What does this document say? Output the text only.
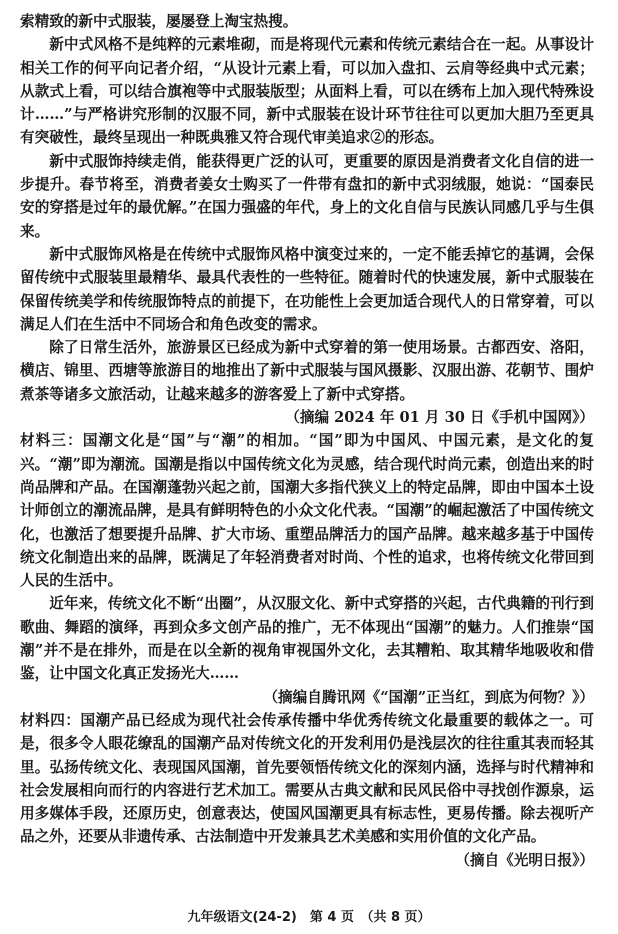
索精致的新中式服装，屡屡登上淘宝热搜。

新中式风格不是纯粹的元素堆砌，而是将现代元素和传统元素结合在一起。从事设计相关工作的何平向记者介绍，“从设计元素上看，可以加入盘扣、云肩等经典中式元素；从款式上看，可以结合旗袍等中式服装版型；从面料上看，可以在绣布上加入现代特殊设计……”与严格讲究形制的汉服不同，新中式服装在设计环节往往可以更加大胆乃至更具有突破性，最终呈现出一种既典雅又符合现代审美追求②的形态。

新中式服饰持续走俏，能获得更广泛的认可，更重要的原因是消费者文化自信的进一步提升。春节将至，消费者姜女士购买了一件带有盘扣的新中式羽绒服，她说：“国泰民安的穿搭是过年的最优解。”在国力强盛的年代，身上的文化自信与民族认同感几乎与生俱来。

新中式服饰风格是在传统中式服饰风格中演变过来的，一定不能丢掉它的基调，会保留传统中式服装里最精华、最具代表性的一些特征。随着时代的快速发展，新中式服装在保留传统美学和传统服饰特点的前提下，在功能性上会更加适合现代人的日常穿着，可以满足人们在生活中不同场合和角色改变的需求。

除了日常生活外，旅游景区已经成为新中式穿着的第一使用场景。古都西安、洛阳，横店、锦里、西塘等旅游目的地推出了新中式服装与国风摄影、汉服出游、花朝节、围炉煮茶等诸多文旅活动，让越来越多的游客爱上了新中式穿搭。

（摘编 2024 年 01 月 30 日《手机中国网》）

材料三：国潮文化是“国”与“潮”的相加。“国”即为中国风、中国元素，是文化的复兴。“潮”即为潮流。国潮是指以中国传统文化为灵感，结合现代时尚元素，创造出来的时尚品牌和产品。在国潮蓬勃兴起之前，国潮大多指代狭义上的特定品牌，即由中国本土设计师创立的潮流品牌，是具有鲜明特色的小众文化代表。“国潮”的崛起激活了中国传统文化，也激活了想要提升品牌、扩大市场、重塑品牌活力的国产品牌。越来越多基于中国传统文化制造出来的品牌，既满足了年轻消费者对时尚、个性的追求，也将传统文化带回到人民的生活中。

近年来，传统文化不断“出圈”，从汉服文化、新中式穿搭的兴起，古代典籍的刊行到歌曲、舞蹈的演绎，再到众多文创产品的推广，无不体现出“国潮”的魅力。人们推崇“国潮”并不是在排外，而是在以全新的视角审视国外文化，去其糟粕、取其精华地吸收和借鉴，让中国文化真正发扬光大……

（摘编自腾讯网《“国潮”正当红，到底为何物？》）

材料四：国潮产品已经成为现代社会传承传播中华优秀传统文化最重要的载体之一。可是，很多令人眼花缭乱的国潮产品对传统文化的开发利用仍是浅层次的往往重其表而轻其里。弘扬传统文化、表现国风国潮，首先要领悟传统文化的深刻内涵，选择与时代精神和社会发展相向而行的内容进行艺术加工。需要从古典文献和民风民俗中寻找创作源泉，运用多媒体手段，还原历史，创意表达，使国风国潮更具有标志性，更易传播。除去视听产品之外，还要从非遗传承、古法制造中开发兼具艺术美感和实用价值的文化产品。

（摘自《光明日报》）

九年级语文(24-2)　第 4 页　（共 8 页）
